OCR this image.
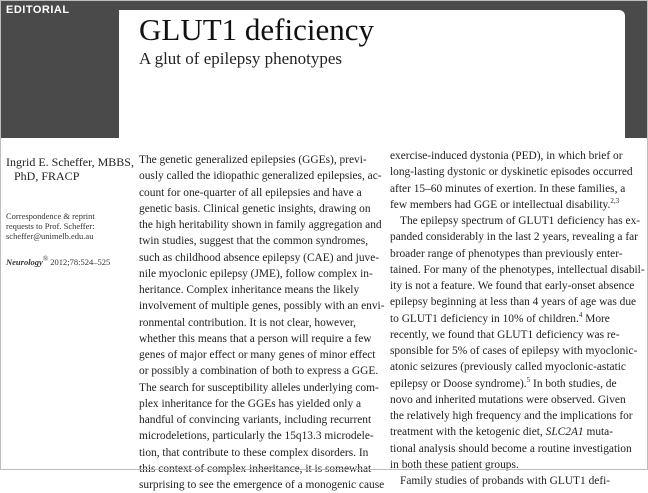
EDITORIAL
GLUT1 deficiency
A glut of epilepsy phenotypes
Ingrid E. Scheffer, MBBS,
PhD, FRACP
Correspondence & reprint
requests to Prof. Scheffer:
scheffer@unimelb.edu.au
Neurology® 2012;78:524–525
The genetic generalized epilepsies (GGEs), previ-
ously called the idiopathic generalized epilepsies, ac-
count for one-quarter of all epilepsies and have a
genetic basis. Clinical genetic insights, drawing on
the high heritability shown in family aggregation and
twin studies, suggest that the common syndromes,
such as childhood absence epilepsy (CAE) and juve-
nile myoclonic epilepsy (JME), follow complex in-
heritance. Complex inheritance means the likely
involvement of multiple genes, possibly with an envi-
ronmental contribution. It is not clear, however,
whether this means that a person will require a few
genes of major effect or many genes of minor effect
or possibly a combination of both to express a GGE.
The search for susceptibility alleles underlying com-
plex inheritance for the GGEs has yielded only a
handful of convincing variants, including recurrent
microdeletions, particularly the 15q13.3 microdele-
tion, that contribute to these complex disorders. In
this context of complex inheritance, it is somewhat
surprising to see the emergence of a monogenic cause
exercise-induced dystonia (PED), in which brief or
long-lasting dystonic or dyskinetic episodes occurred
after 15–60 minutes of exertion. In these families, a
few members had GGE or intellectual disability.$^{2,3}$
The epilepsy spectrum of GLUT1 deficiency has ex-
panded considerably in the last 2 years, revealing a far
broader range of phenotypes than previously enter-
tained. For many of the phenotypes, intellectual disabil-
ity is not a feature. We found that early-onset absence
epilepsy beginning at less than 4 years of age was due
to GLUT1 deficiency in 10% of children.$^4$ More
recently, we found that GLUT1 deficiency was re-
sponsible for 5% of cases of epilepsy with myoclonic-
atonic seizures (previously called myoclonic-astatic
epilepsy or Doose syndrome).$^5$ In both studies, de
novo and inherited mutations were observed. Given
the relatively high frequency and the implications for
treatment with the ketogenic diet, SLC2A1 muta-
tional analysis should become a routine investigation
in both these patient groups.
Family studies of probands with GLUT1 defi-
